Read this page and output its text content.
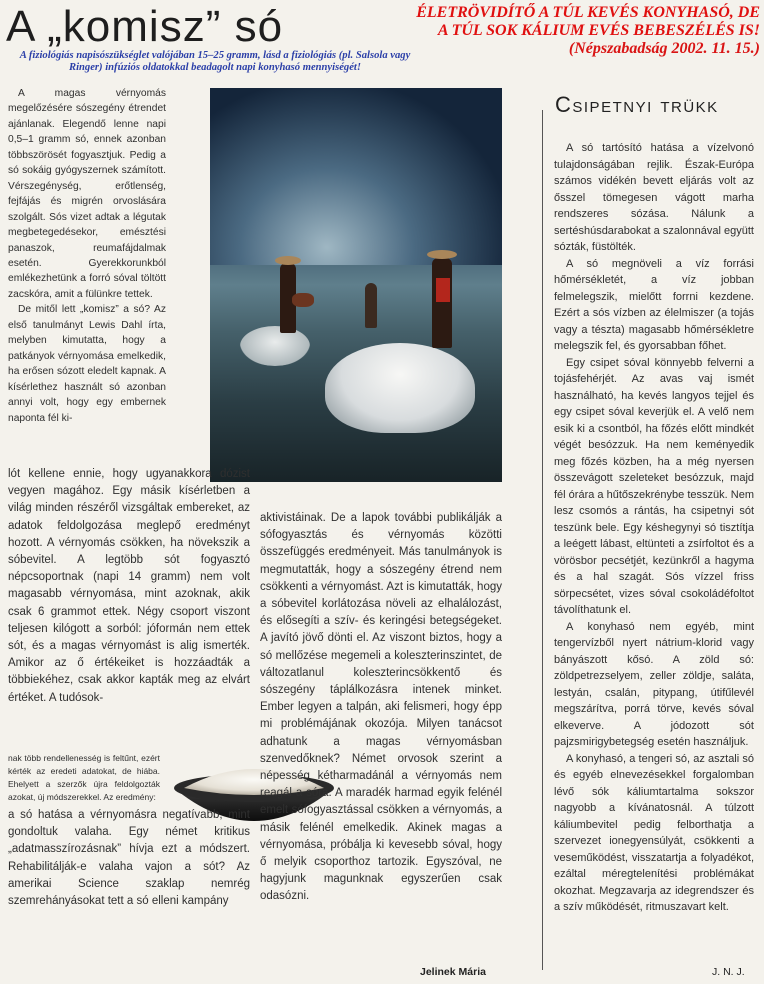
A „komisz” só	ÉLETRÖVIDÍTŐ A TÚL KEVÉS KONYHASÓ, DE
A TÚL SOK KÁLIUM EVÉS BEBESZÉLÉS IS!
(Népszabadság 2002. 11. 15.)
A fiziológiás napisószükséglet valójában 15–25 gramm, lásd a fiziológiás (pl. Salsola vagy Ringer) infúziós oldatokkal beadagolt napi konyhasó mennyiségét!

A magas vérnyomás megelőzésére sószegény étrendet ajánlanak. Elegendő lenne napi 0,5–1 gramm só, ennek azonban többszörösét fogyasztjuk. Pedig a só sokáig gyógyszernek számított. Vérszegénység, erőtlenség, fejfájás és migrén orvoslására szolgált. Sós vizet adtak a légutak megbetegedésekor, emésztési panaszok, reumafájdalmak esetén. Gyerekkorunkból emlékezhetünk a forró sóval töltött zacskóra, amit a fülünkre tettek.

De mitől lett „komisz” a só? Az első tanulmányt Lewis Dahl írta, melyben kimutatta, hogy a patkányok vérnyomása emelkedik, ha erősen sózott eledelt kapnak. A kísérlethez használt só azonban annyi volt, hogy egy embernek naponta fél ki-

lót kellene ennie, hogy ugyanakkora dózist vegyen magához. Egy másik kísérletben a világ minden részéről vizsgáltak embereket, az adatok feldolgozása meglepő eredményt hozott. A vérnyomás csökken, ha növekszik a sóbevitel. A legtöbb sót fogyasztó népcsoportnak (napi 14 gramm) nem volt magasabb vérnyomása, mint azoknak, akik csak 6 grammot ettek. Négy csoport viszont teljesen kilógott a sorból: jóformán nem ettek sót, és a magas vérnyomást is alig ismerték. Amikor az ő értékeiket is hozzáadták a többiekéhez, csak akkor kapták meg az elvárt értéket. A tudósok-

nak több rendellenesség is feltűnt, ezért kérték az eredeti adatokat, de hiába. Ehelyett a szerzők újra feldolgozták azokat, új módszerekkel. Az eredmény:

a só hatása a vérnyomásra negatívabb, mint gondoltuk valaha. Egy német kritikus „adatmasszírozásnak” hívja ezt a módszert. Rehabilitálják-e valaha vajon a sót? Az amerikai Science szaklap nemrég szemrehányásokat tett a só elleni kampány

aktivistáinak. De a lapok további publikálják a sófogyasztás és vérnyomás közötti összefüggés eredményeit. Más tanulmányok is megmutatták, hogy a sószegény étrend nem csökkenti a vérnyomást. Azt is kimutatták, hogy a sóbevitel korlátozása növeli az elhalálozást, és elősegíti a szív- és keringési betegségeket. A javító jövő dönti el. Az viszont biztos, hogy a só mellőzése megemeli a koleszterinszintet, de változatlanul koleszterincsökkentő és sószegény táplálkozásra intenek minket. Ember legyen a talpán, aki felismeri, hogy épp mi problémájának okozója. Milyen tanácsot adhatunk a magas vérnyomásban szenvedőknek? Német orvosok szerint a népesség kétharmadánál a vérnyomás nem reagál a sóra. A maradék harmad egyik felénél emelt sófogyasztással csökken a vérnyomás, a másik felénél emelkedik. Akinek magas a vérnyomása, próbálja ki kevesebb sóval, hogy ő melyik csoporthoz tartozik. Egyszóval, ne hagyjunk magunknak egyszerűen csak odasózni.

Csipetnyi trükk

A só tartósító hatása a vízelvonó tulajdonságában rejlik. Észak-Európa számos vidékén bevett eljárás volt az ősszel tömegesen vágott marha rendszeres sózása. Nálunk a sertéshúsdarabokat a szalonnával együtt sózták, füstölték.

A só megnöveli a víz forrási hőmérsékletét, a víz jobban felmelegszik, mielőtt forrni kezdene. Ezért a sós vízben az élelmiszer (a tojás vagy a tészta) magasabb hőmérsékletre melegszik fel, és gyorsabban főhet.

Egy csipet sóval könnyebb felverni a tojásfehérjét. Az avas vaj ismét használható, ha kevés langyos tejjel és egy csipet sóval keverjük el. A velő nem esik ki a csontból, ha főzés előtt mindkét végét besózzuk. Ha nem keményedik meg főzés közben, ha a még nyersen összevágott szeleteket besózzuk, majd fél órára a hűtőszekrénybe tesszük. Nem lesz csomós a rántás, ha csipetnyi sót teszünk bele. Egy késhegynyi só tisztítja a leégett lábast, eltünteti a zsírfoltot és a vörösbor pecsétjét, kezünkről a hagyma és a hal szagát. Sós vízzel friss sörpecsétet, vizes sóval csokoládéfoltot távolíthatunk el.

A konyhasó nem egyéb, mint tengervízből nyert nátrium-klorid vagy bányászott kősó. A zöld só: zöldpetrezselyem, zeller zöldje, saláta, lestyán, csalán, pitypang, útifűlevél megszárítva, porrá törve, kevés sóval elkeverve. A jódozott sót pajzsmirigybetegség esetén használjuk.

A konyhasó, a tengeri só, az asztali só és egyéb elnevezésekkel forgalomban lévő sók káliumtartalma sokszor nagyobb a kívánatosnál. A túlzott káliumbevitel pedig felborthatja a szervezet ionegyensúlyát, csökkenti a veseműködést, visszatartja a folyadékot, ezáltal méregtelenítési problémákat okozhat. Megzavarja az idegrendszer és a szív működését, ritmuszavart kelt.

Jelinek Mária	J. N. J.
